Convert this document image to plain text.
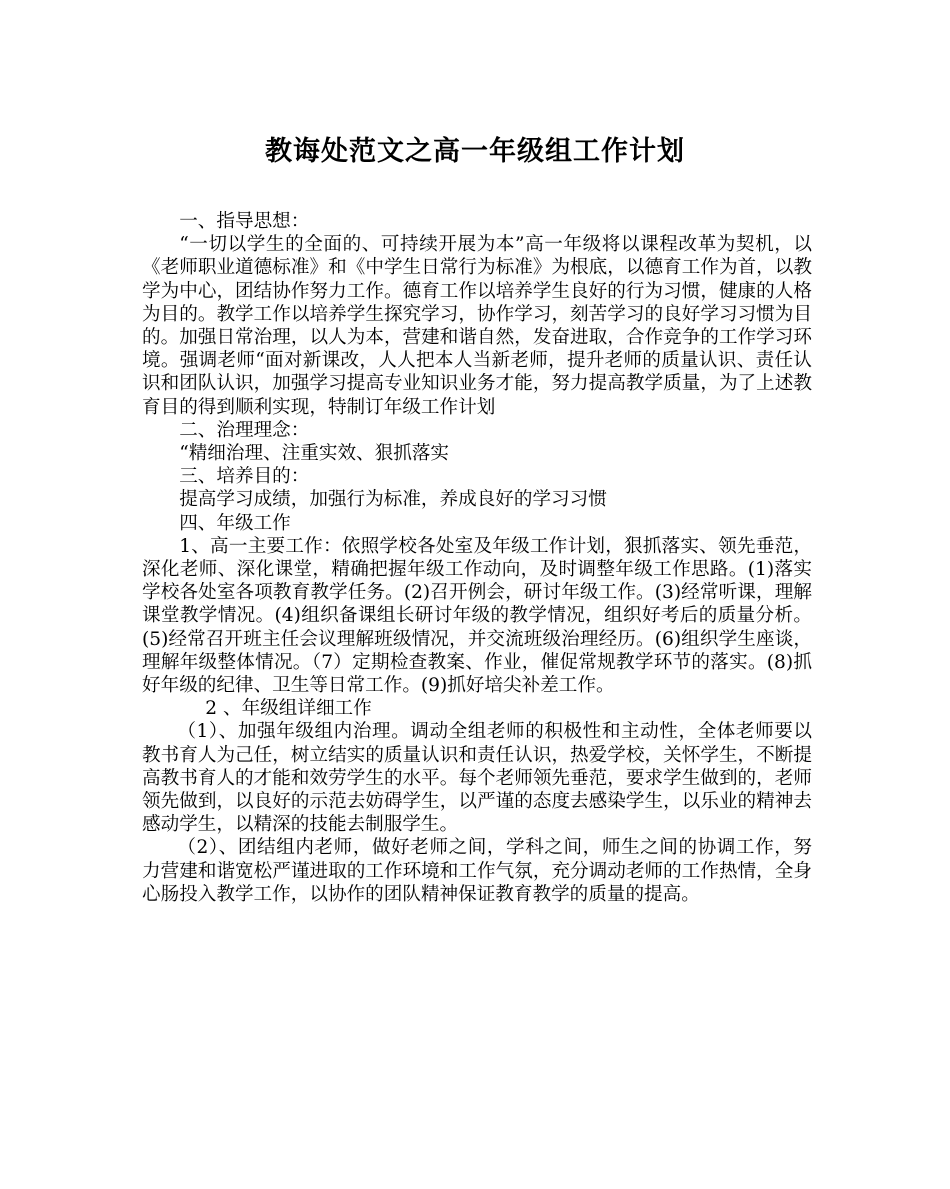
教诲处范文之高一年级组工作计划

一、指导思想：

“一切以学生的全面的、可持续开展为本”高一年级将以课程改革为契机，以《老师职业道德标准》和《中学生日常行为标准》为根底，以德育工作为首，以教学为中心，团结协作努力工作。德育工作以培养学生良好的行为习惯，健康的人格为目的。教学工作以培养学生探究学习，协作学习，刻苦学习的良好学习习惯为目的。加强日常治理，以人为本，营建和谐自然，发奋进取，合作竞争的工作学习环境。强调老师“面对新课改，人人把本人当新老师，提升老师的质量认识、责任认识和团队认识，加强学习提高专业知识业务才能，努力提高教学质量，为了上述教育目的得到顺利实现，特制订年级工作计划

二、治理理念：

“精细治理、注重实效、狠抓落实

三、培养目的：

提高学习成绩，加强行为标准，养成良好的学习习惯

四、年级工作

1、高一主要工作：依照学校各处室及年级工作计划，狠抓落实、领先垂范，深化老师、深化课堂，精确把握年级工作动向，及时调整年级工作思路。(1)落实学校各处室各项教育教学任务。(2)召开例会，研讨年级工作。(3)经常听课，理解课堂教学情况。(4)组织备课组长研讨年级的教学情况，组织好考后的质量分析。(5)经常召开班主任会议理解班级情况，并交流班级治理经历。(6)组织学生座谈，理解年级整体情况。（7）定期检查教案、作业，催促常规教学环节的落实。(8)抓好年级的纪律、卫生等日常工作。(9)抓好培尖补差工作。

2 、年级组详细工作

（1）、加强年级组内治理。调动全组老师的积极性和主动性，全体老师要以教书育人为己任，树立结实的质量认识和责任认识，热爱学校，关怀学生，不断提高教书育人的才能和效劳学生的水平。每个老师领先垂范，要求学生做到的，老师领先做到，以良好的示范去妨碍学生，以严谨的态度去感染学生，以乐业的精神去感动学生，以精深的技能去制服学生。

（2）、团结组内老师，做好老师之间，学科之间，师生之间的协调工作，努力营建和谐宽松严谨进取的工作环境和工作气氛，充分调动老师的工作热情，全身心肠投入教学工作，以协作的团队精神保证教育教学的质量的提高。
